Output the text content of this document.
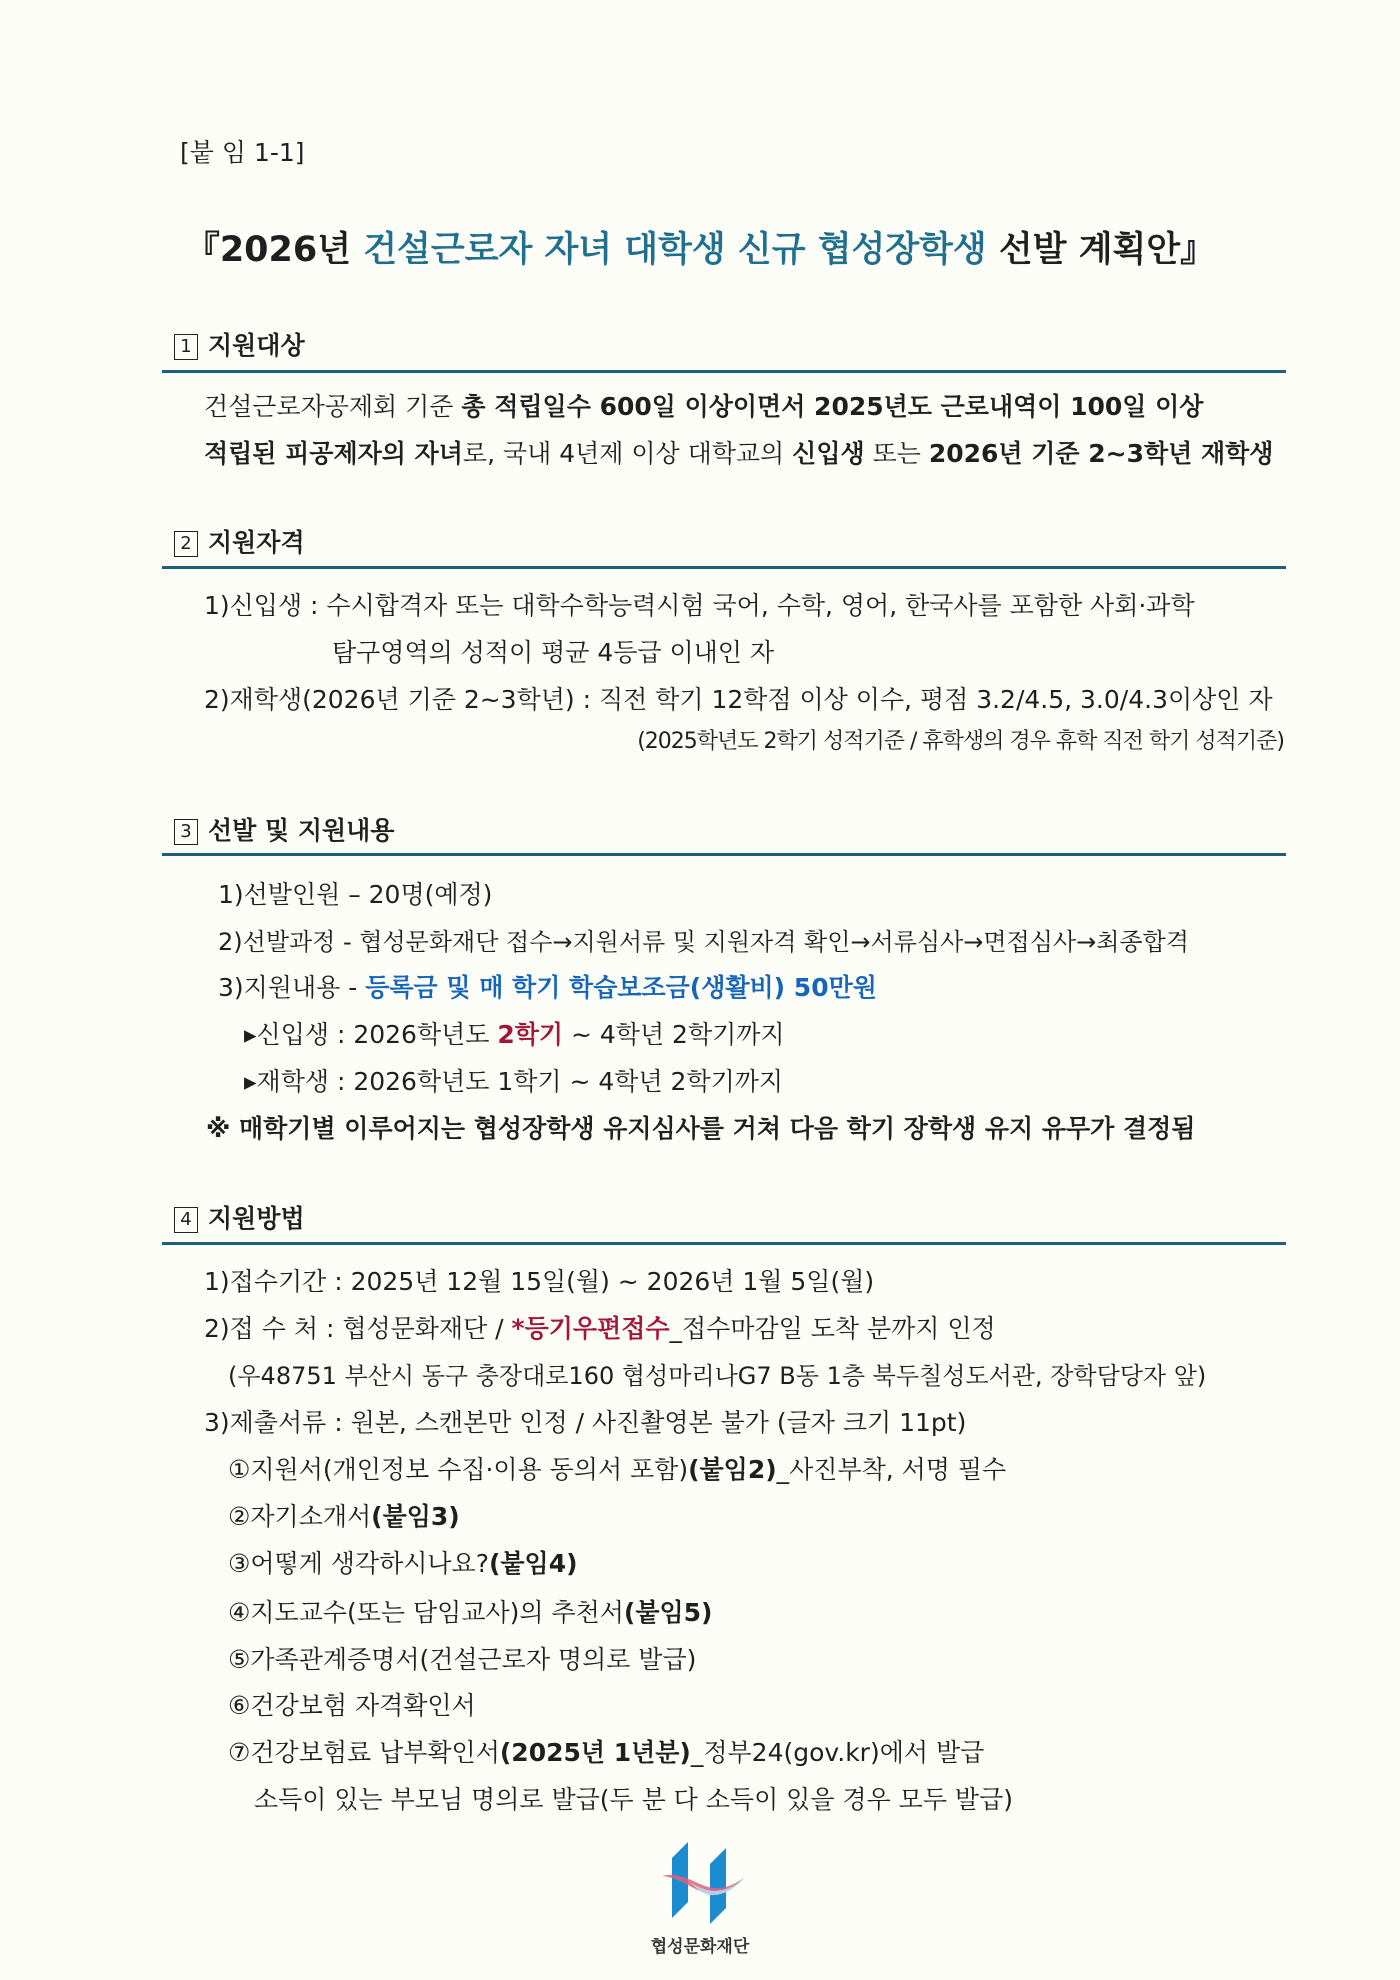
[붙 임 1-1]
『2026년 건설근로자 자녀 대학생 신규 협성장학생 선발 계획안』
1 지원대상
건설근로자공제회 기준 총 적립일수 600일 이상이면서 2025년도 근로내역이 100일 이상
적립된 피공제자의 자녀로, 국내 4년제 이상 대학교의 신입생 또는 2026년 기준 2~3학년 재학생
2 지원자격
1)신입생 : 수시합격자 또는 대학수학능력시험 국어, 수학, 영어, 한국사를 포함한 사회·과학
탐구영역의 성적이 평균 4등급 이내인 자
2)재학생(2026년 기준 2~3학년) : 직전 학기 12학점 이상 이수, 평점 3.2/4.5, 3.0/4.3이상인 자
(2025학년도 2학기 성적기준 / 휴학생의 경우 휴학 직전 학기 성적기준)
3 선발 및 지원내용
1)선발인원 – 20명(예정)
2)선발과정 - 협성문화재단 접수→지원서류 및 지원자격 확인→서류심사→면접심사→최종합격
3)지원내용 - 등록금 및 매 학기 학습보조금(생활비) 50만원
▸신입생 : 2026학년도 2학기 ~ 4학년 2학기까지
▸재학생 : 2026학년도 1학기 ~ 4학년 2학기까지
※ 매학기별 이루어지는 협성장학생 유지심사를 거쳐 다음 학기 장학생 유지 유무가 결정됨
4 지원방법
1)접수기간 : 2025년 12월 15일(월) ~ 2026년 1월 5일(월)
2)접 수 처 : 협성문화재단 / *등기우편접수_접수마감일 도착 분까지 인정
(우48751 부산시 동구 충장대로160 협성마리나G7 B동 1층 북두칠성도서관, 장학담당자 앞)
3)제출서류 : 원본, 스캔본만 인정 / 사진촬영본 불가 (글자 크기 11pt)
①지원서(개인정보 수집·이용 동의서 포함)(붙임2)_사진부착, 서명 필수
②자기소개서(붙임3)
③어떻게 생각하시나요?(붙임4)
④지도교수(또는 담임교사)의 추천서(붙임5)
⑤가족관계증명서(건설근로자 명의로 발급)
⑥건강보험 자격확인서
⑦건강보험료 납부확인서(2025년 1년분)_정부24(gov.kr)에서 발급
소득이 있는 부모님 명의로 발급(두 분 다 소득이 있을 경우 모두 발급)
협성문화재단
